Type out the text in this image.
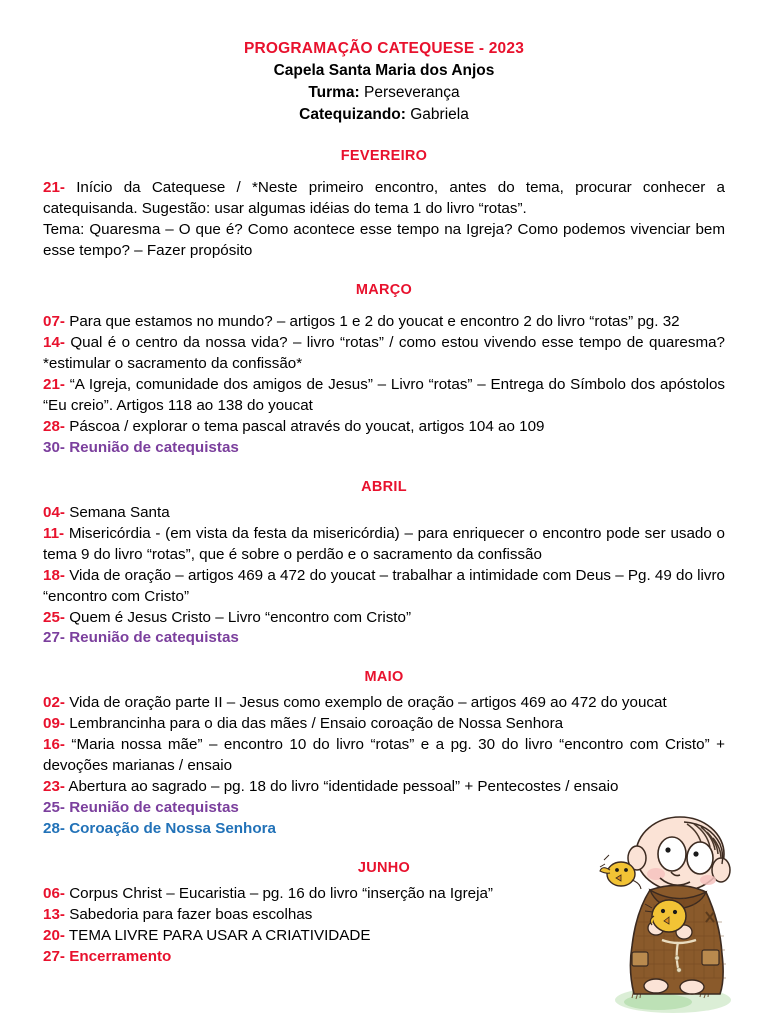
PROGRAMAÇÃO CATEQUESE - 2023
Capela Santa Maria dos Anjos
Turma: Perseverança
Catequizando: Gabriela
FEVEREIRO

21- Início da Catequese / *Neste primeiro encontro, antes do tema, procurar conhecer a catequisanda. Sugestão: usar algumas idéias do tema 1 do livro “rotas”.

Tema: Quaresma – O que é? Como acontece esse tempo na Igreja? Como podemos vivenciar bem esse tempo? – Fazer propósito

MARÇO

07- Para que estamos no mundo? – artigos 1 e 2 do youcat e encontro 2 do livro “rotas” pg. 32

14- Qual é o centro da nossa vida? – livro “rotas” / como estou vivendo esse tempo de quaresma? *estimular o sacramento da confissão*

21- “A Igreja, comunidade dos amigos de Jesus” – Livro “rotas” – Entrega do Símbolo dos apóstolos “Eu creio”. Artigos 118 ao 138 do youcat

28- Páscoa / explorar o tema pascal através do youcat, artigos 104 ao 109

30- Reunião de catequistas

ABRIL

04- Semana Santa

11- Misericórdia - (em vista da festa da misericórdia) – para enriquecer o encontro pode ser usado o tema 9 do livro “rotas”, que é sobre o perdão e o sacramento da confissão

18- Vida de oração – artigos 469 a 472 do youcat – trabalhar a intimidade com Deus – Pg. 49 do livro “encontro com Cristo”

25- Quem é Jesus Cristo – Livro “encontro com Cristo”

27- Reunião de catequistas

MAIO

02- Vida de oração parte II – Jesus como exemplo de oração – artigos 469 ao 472 do youcat

09- Lembrancinha para o dia das mães / Ensaio coroação de Nossa Senhora

16- “Maria nossa mãe” – encontro 10 do livro “rotas” e a pg. 30 do livro “encontro com Cristo” + devoções marianas / ensaio

23- Abertura ao sagrado – pg. 18 do livro “identidade pessoal” + Pentecostes / ensaio

25- Reunião de catequistas

28- Coroação de Nossa Senhora

JUNHO

06- Corpus Christ – Eucaristia – pg. 16 do livro “inserção na Igreja”

13- Sabedoria para fazer boas escolhas

20- TEMA LIVRE PARA USAR A CRIATIVIDADE

27- Encerramento
